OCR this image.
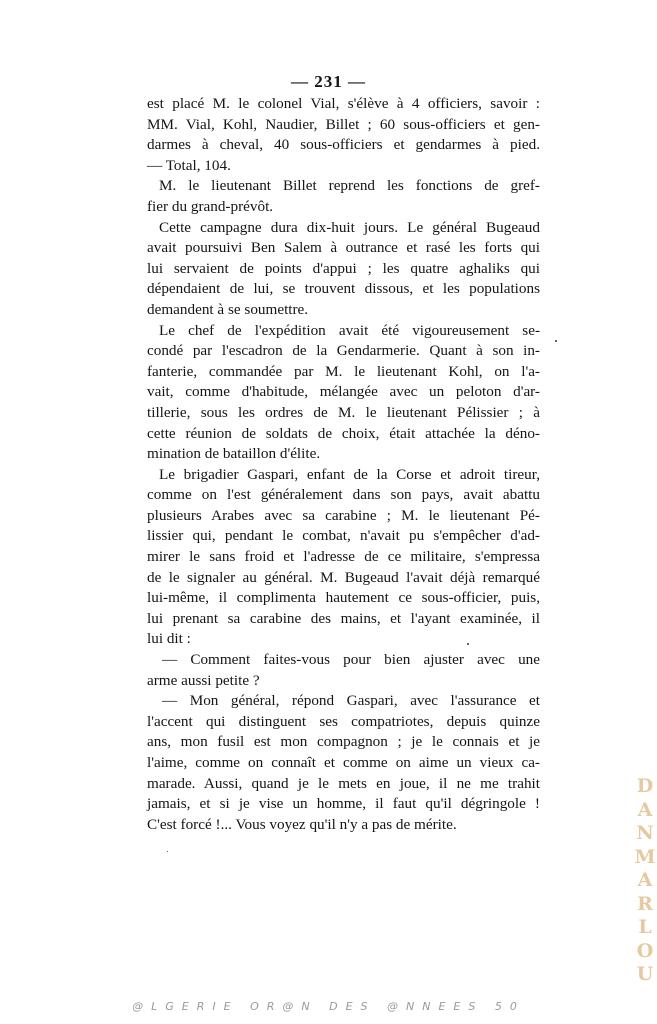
— 231 —
est placé M. le colonel Vial, s'élève à 4 officiers, savoir :
MM. Vial, Kohl, Naudier, Billet ; 60 sous-officiers et gen-
darmes à cheval, 40 sous-officiers et gendarmes à pied.
— Total, 104.
M. le lieutenant Billet reprend les fonctions de gref-
fier du grand-prévôt.
Cette campagne dura dix-huit jours. Le général Bugeaud
avait poursuivi Ben Salem à outrance et rasé les forts qui
lui servaient de points d'appui ; les quatre aghaliks qui
dépendaient de lui, se trouvent dissous, et les populations
demandent à se soumettre.
Le chef de l'expédition avait été vigoureusement se-
condé par l'escadron de la Gendarmerie. Quant à son in-
fanterie, commandée par M. le lieutenant Kohl, on l'a-
vait, comme d'habitude, mélangée avec un peloton d'ar-
tillerie, sous les ordres de M. le lieutenant Pélissier ; à
cette réunion de soldats de choix, était attachée la déno-
mination de bataillon d'élite.
Le brigadier Gaspari, enfant de la Corse et adroit tireur,
comme on l'est généralement dans son pays, avait abattu
plusieurs Arabes avec sa carabine ; M. le lieutenant Pé-
lissier qui, pendant le combat, n'avait pu s'empêcher d'ad-
mirer le sans froid et l'adresse de ce militaire, s'empressa
de le signaler au général. M. Bugeaud l'avait déjà remarqué
lui-même, il complimenta hautement ce sous-officier, puis,
lui prenant sa carabine des mains, et l'ayant examinée, il
lui dit :
— Comment faites-vous pour bien ajuster avec une
arme aussi petite ?
— Mon général, répond Gaspari, avec l'assurance et
l'accent qui distinguent ses compatriotes, depuis quinze
ans, mon fusil est mon compagnon ; je le connais et je
l'aime, comme on connaît et comme on aime un vieux ca-
marade. Aussi, quand je le mets en joue, il ne me trahit
jamais, et si je vise un homme, il faut qu'il dégringole !
C'est forcé !... Vous voyez qu'il n'y a pas de mérite.
D
A
N
M
A
R
L
O
U
@LGERIE OR@N DES @NNEES 50
